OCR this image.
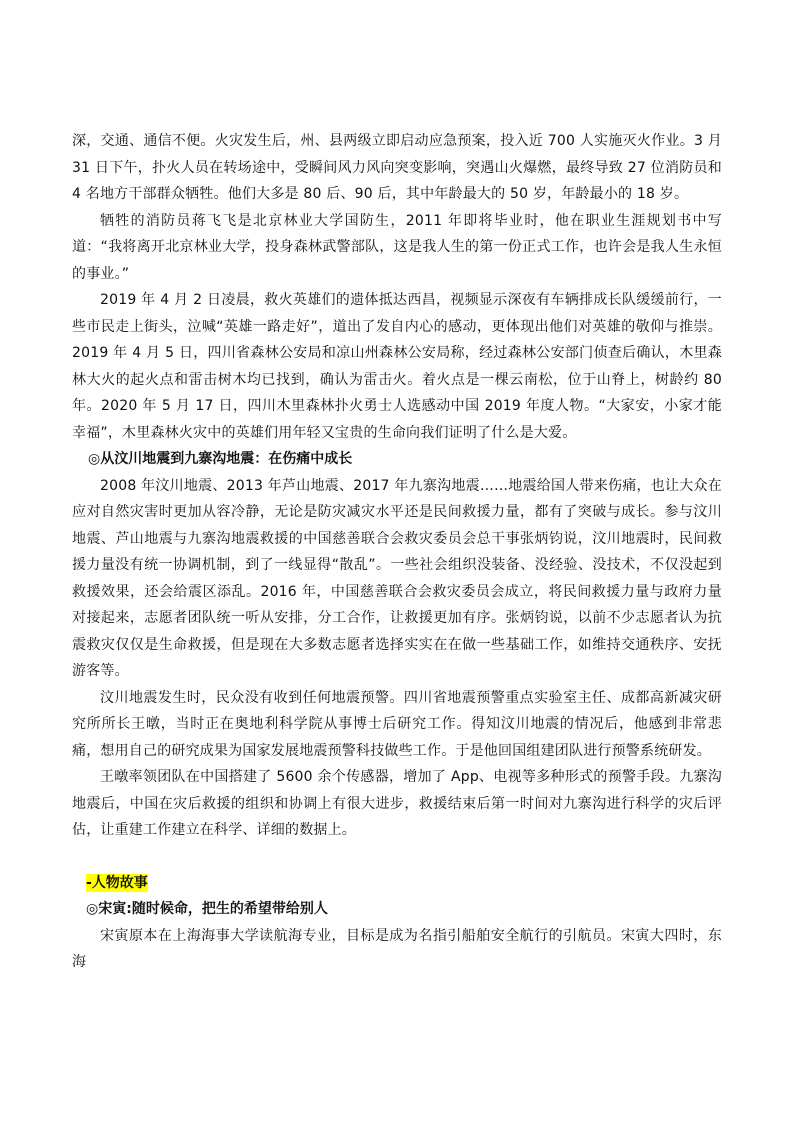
深，交通、通信不便。火灾发生后，州、县两级立即启动应急预案，投入近 700 人实施灭火作业。3 月 31 日下午，扑火人员在转场途中，受瞬间风力风向突变影响，突遇山火爆燃，最终导致 27 位消防员和 4 名地方干部群众牺牲。他们大多是 80 后、90 后，其中年龄最大的 50 岁，年龄最小的 18 岁。

牺牲的消防员蒋飞飞是北京林业大学国防生，2011 年即将毕业时，他在职业生涯规划书中写道：“我将离开北京林业大学，投身森林武警部队，这是我人生的第一份正式工作，也许会是我人生永恒的事业。”

2019 年 4 月 2 日凌晨，救火英雄们的遗体抵达西昌，视频显示深夜有车辆排成长队缓缓前行，一些市民走上街头，泣喊“英雄一路走好”，道出了发自内心的感动，更体现出他们对英雄的敬仰与推崇。2019 年 4 月 5 日，四川省森林公安局和凉山州森林公安局称，经过森林公安部门侦查后确认，木里森林大火的起火点和雷击树木均已找到，确认为雷击火。着火点是一棵云南松，位于山脊上，树龄约 80 年。2020 年 5 月 17 日，四川木里森林扑火勇士人选感动中国 2019 年度人物。“大家安，小家才能幸福”，木里森林火灾中的英雄们用年轻又宝贵的生命向我们证明了什么是大爱。

◎从汶川地震到九寨沟地震：在伤痛中成长

2008 年汶川地震、2013 年芦山地震、2017 年九寨沟地震……地震给国人带来伤痛，也让大众在应对自然灾害时更加从容冷静，无论是防灾减灾水平还是民间救援力量，都有了突破与成长。参与汶川地震、芦山地震与九寨沟地震救援的中国慈善联合会救灾委员会总干事张炳钧说，汶川地震时，民间救援力量没有统一协调机制，到了一线显得“散乱”。一些社会组织没装备、没经验、没技术，不仅没起到救援效果，还会给震区添乱。2016 年，中国慈善联合会救灾委员会成立，将民间救援力量与政府力量对接起来，志愿者团队统一听从安排，分工合作，让救援更加有序。张炳钧说，以前不少志愿者认为抗震救灾仅仅是生命救援，但是现在大多数志愿者选择实实在在做一些基础工作，如维持交通秩序、安抚游客等。

汶川地震发生时，民众没有收到任何地震预警。四川省地震预警重点实验室主任、成都高新减灾研究所所长王暾，当时正在奥地利科学院从事博士后研究工作。得知汶川地震的情况后，他感到非常悲痛，想用自己的研究成果为国家发展地震预警科技做些工作。于是他回国组建团队进行预警系统研发。

王暾率领团队在中国搭建了 5600 余个传感器，增加了 App、电视等多种形式的预警手段。九寨沟地震后，中国在灾后救援的组织和协调上有很大进步，救援结束后第一时间对九寨沟进行科学的灾后评估，让重建工作建立在科学、详细的数据上。

-人物故事

◎宋寅:随时候命，把生的希望带给别人

宋寅原本在上海海事大学读航海专业，目标是成为名指引船舶安全航行的引航员。宋寅大四时，东海
